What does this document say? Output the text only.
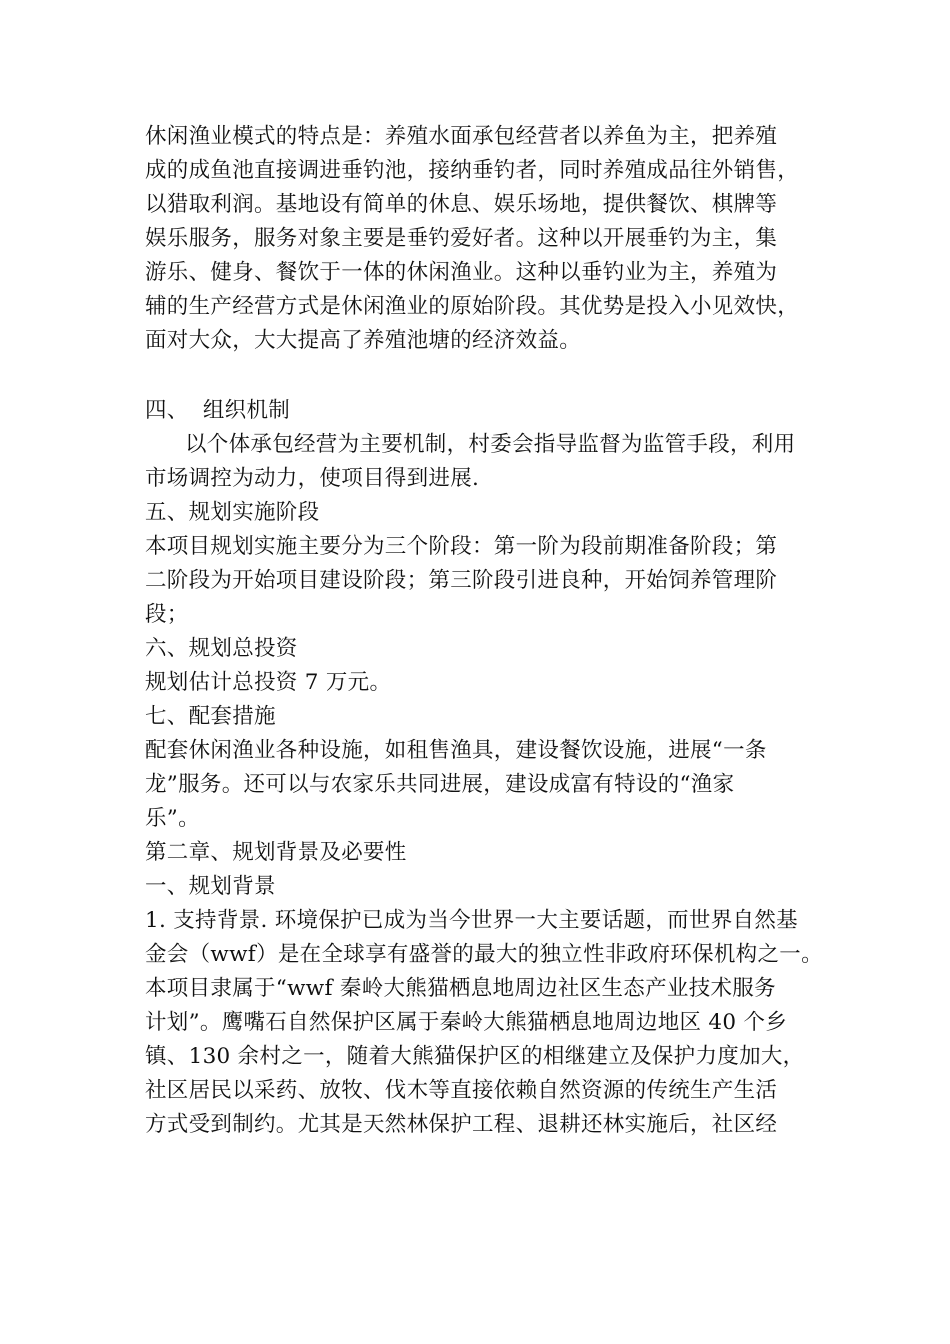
休闲渔业模式的特点是：养殖水面承包经营者以养鱼为主，把养殖
成的成鱼池直接调进垂钓池，接纳垂钓者，同时养殖成品往外销售，
以猎取利润。基地设有简单的休息、娱乐场地，提供餐饮、棋牌等
娱乐服务，服务对象主要是垂钓爱好者。这种以开展垂钓为主，集
游乐、健身、餐饮于一体的休闲渔业。这种以垂钓业为主，养殖为
辅的生产经营方式是休闲渔业的原始阶段。其优势是投入小见效快，
面对大众，大大提高了养殖池塘的经济效益。
四、  组织机制
以个体承包经营为主要机制，村委会指导监督为监管手段，利用
市场调控为动力，使项目得到进展.
五、规划实施阶段
本项目规划实施主要分为三个阶段：第一阶为段前期准备阶段；第
二阶段为开始项目建设阶段；第三阶段引进良种，开始饲养管理阶
段；
六、规划总投资
规划估计总投资 7 万元。
七、配套措施
配套休闲渔业各种设施，如租售渔具，建设餐饮设施，进展“一条
龙”服务。还可以与农家乐共同进展，建设成富有特设的“渔家
乐”。
第二章、规划背景及必要性
一、规划背景
1. 支持背景. 环境保护已成为当今世界一大主要话题，而世界自然基
金会（wwf）是在全球享有盛誉的最大的独立性非政府环保机构之一。
本项目隶属于“wwf 秦岭大熊猫栖息地周边社区生态产业技术服务
计划”。鹰嘴石自然保护区属于秦岭大熊猫栖息地周边地区 40 个乡
镇、130 余村之一，随着大熊猫保护区的相继建立及保护力度加大，
社区居民以采药、放牧、伐木等直接依赖自然资源的传统生产生活
方式受到制约。尤其是天然林保护工程、退耕还林实施后，社区经
